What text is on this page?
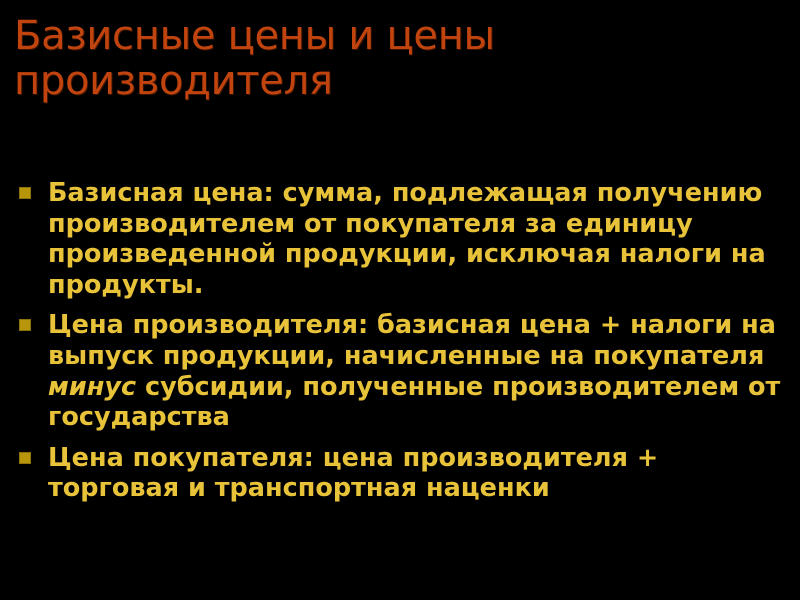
Базисные цены и цены производителя
Базисная цена: сумма, подлежащая получению производителем от покупателя за единицу произведенной продукции, исключая налоги на продукты.
Цена производителя: базисная цена + налоги на выпуск продукции, начисленные на покупателя минус субсидии, полученные производителем от государства
Цена покупателя: цена производителя + торговая и транспортная наценки
